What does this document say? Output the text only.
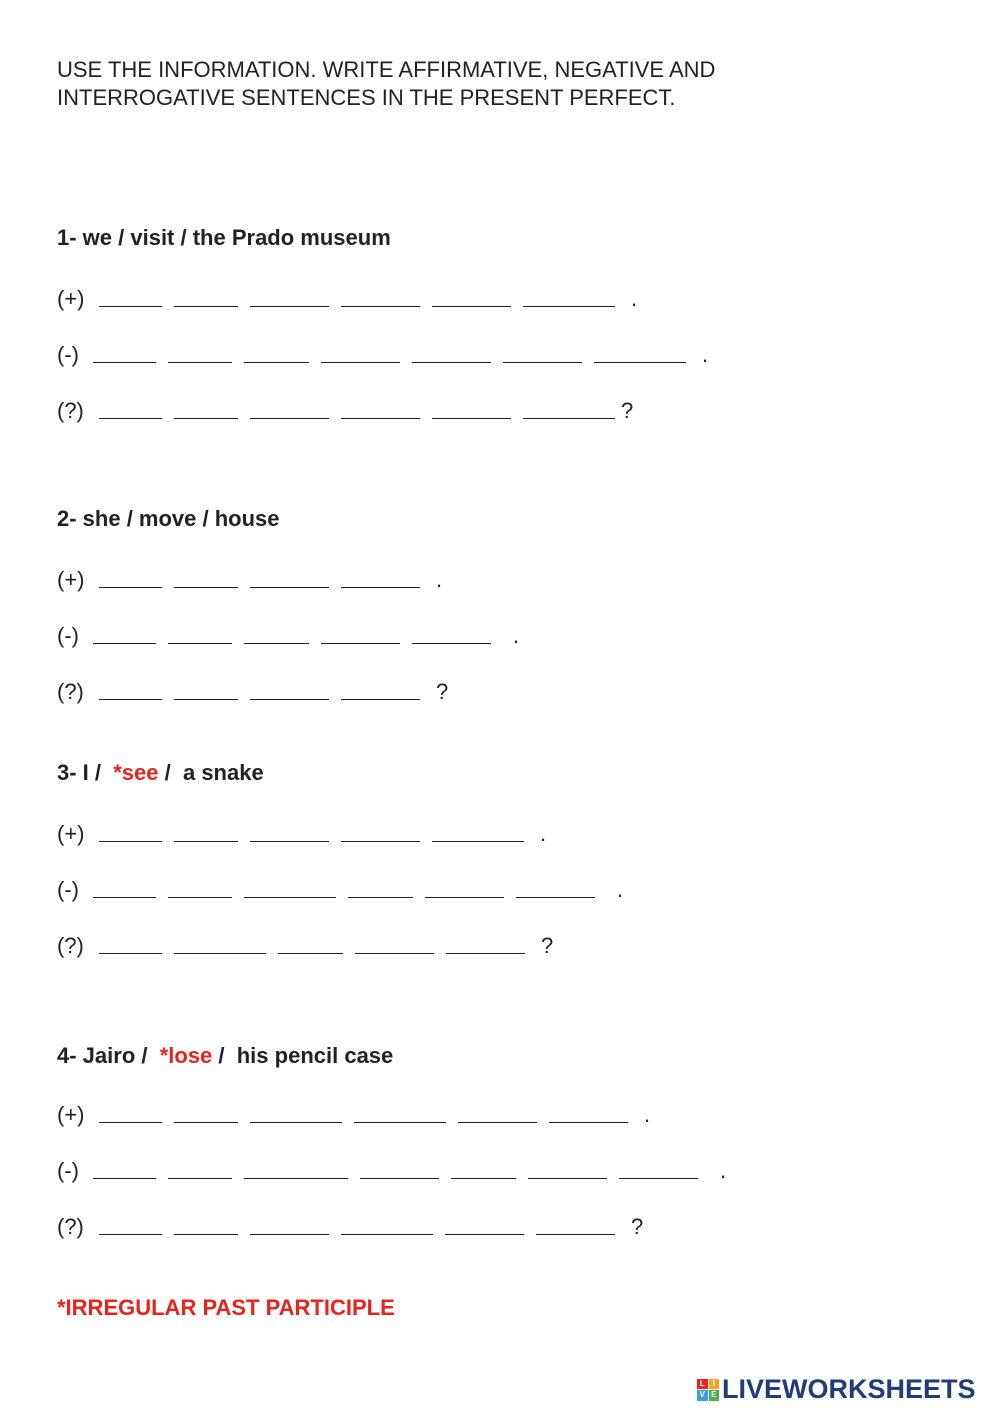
USE THE INFORMATION. WRITE AFFIRMATIVE, NEGATIVE AND
INTERROGATIVE SENTENCES IN THE PRESENT PERFECT.
1- we / visit / the Prado museum
(+)	.
(-)	.
(?)	?
2- she / move / house
(+)	.
(-)	.
(?)	?
3- I /  *see /  a snake
(+)	.
(-)	.
(?)	?
4- Jairo /  *lose /  his pencil case
(+)	.
(-)	.
(?)	?
*IRREGULAR PAST PARTICIPLE
L I
V E LIVEWORKSHEETS
